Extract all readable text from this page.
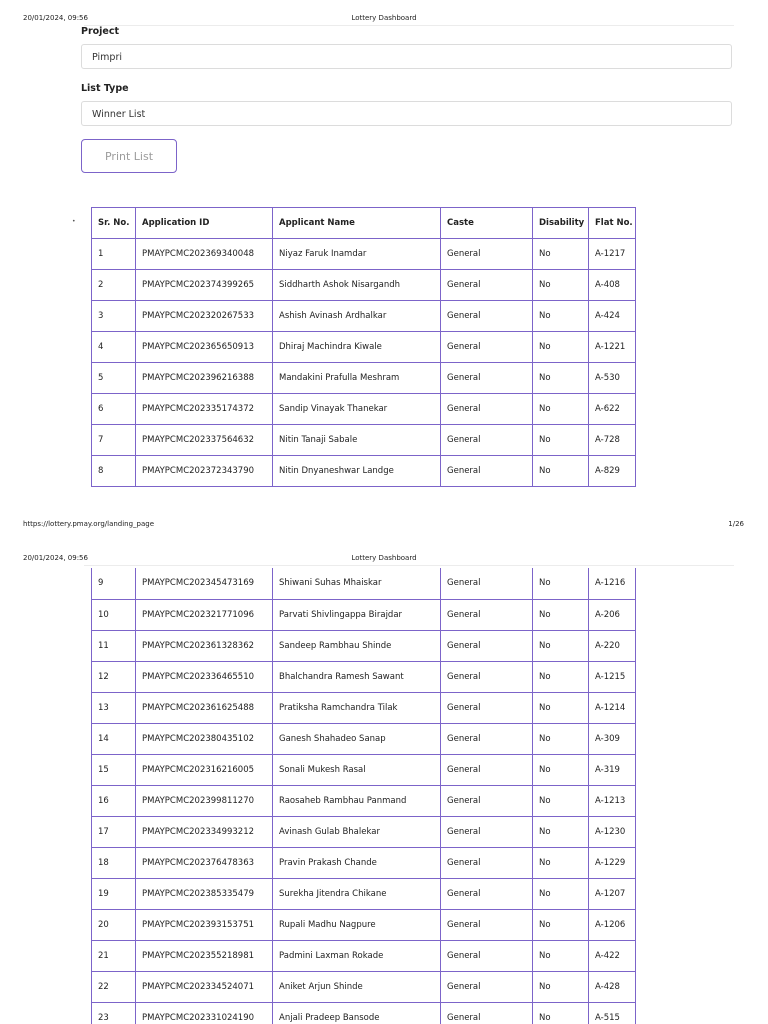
20/01/2024, 09:56	Lottery Dashboard
Project
Pimpri
List Type
Winner List
Print List
•	Sr. No.	Application ID	Applicant Name	Caste	Disability	Flat No.
1	PMAYPCMC202369340048	Niyaz Faruk Inamdar	General	No	A-1217
2	PMAYPCMC202374399265	Siddharth Ashok Nisargandh	General	No	A-408
3	PMAYPCMC202320267533	Ashish Avinash Ardhalkar	General	No	A-424
4	PMAYPCMC202365650913	Dhiraj Machindra Kiwale	General	No	A-1221
5	PMAYPCMC202396216388	Mandakini Prafulla Meshram	General	No	A-530
6	PMAYPCMC202335174372	Sandip Vinayak Thanekar	General	No	A-622
7	PMAYPCMC202337564632	Nitin Tanaji Sabale	General	No	A-728
8	PMAYPCMC202372343790	Nitin Dnyaneshwar Landge	General	No	A-829
https://lottery.pmay.org/landing_page	1/26
20/01/2024, 09:56	Lottery Dashboard
9	PMAYPCMC202345473169	Shiwani Suhas Mhaiskar	General	No	A-1216
10	PMAYPCMC202321771096	Parvati Shivlingappa Birajdar	General	No	A-206
11	PMAYPCMC202361328362	Sandeep Rambhau Shinde	General	No	A-220
12	PMAYPCMC202336465510	Bhalchandra Ramesh Sawant	General	No	A-1215
13	PMAYPCMC202361625488	Pratiksha Ramchandra Tilak	General	No	A-1214
14	PMAYPCMC202380435102	Ganesh Shahadeo Sanap	General	No	A-309
15	PMAYPCMC202316216005	Sonali Mukesh Rasal	General	No	A-319
16	PMAYPCMC202399811270	Raosaheb Rambhau Panmand	General	No	A-1213
17	PMAYPCMC202334993212	Avinash Gulab Bhalekar	General	No	A-1230
18	PMAYPCMC202376478363	Pravin Prakash Chande	General	No	A-1229
19	PMAYPCMC202385335479	Surekha Jitendra Chikane	General	No	A-1207
20	PMAYPCMC202393153751	Rupali Madhu Nagpure	General	No	A-1206
21	PMAYPCMC202355218981	Padmini Laxman Rokade	General	No	A-422
22	PMAYPCMC202334524071	Aniket Arjun Shinde	General	No	A-428
23	PMAYPCMC202331024190	Anjali Pradeep Bansode	General	No	A-515
